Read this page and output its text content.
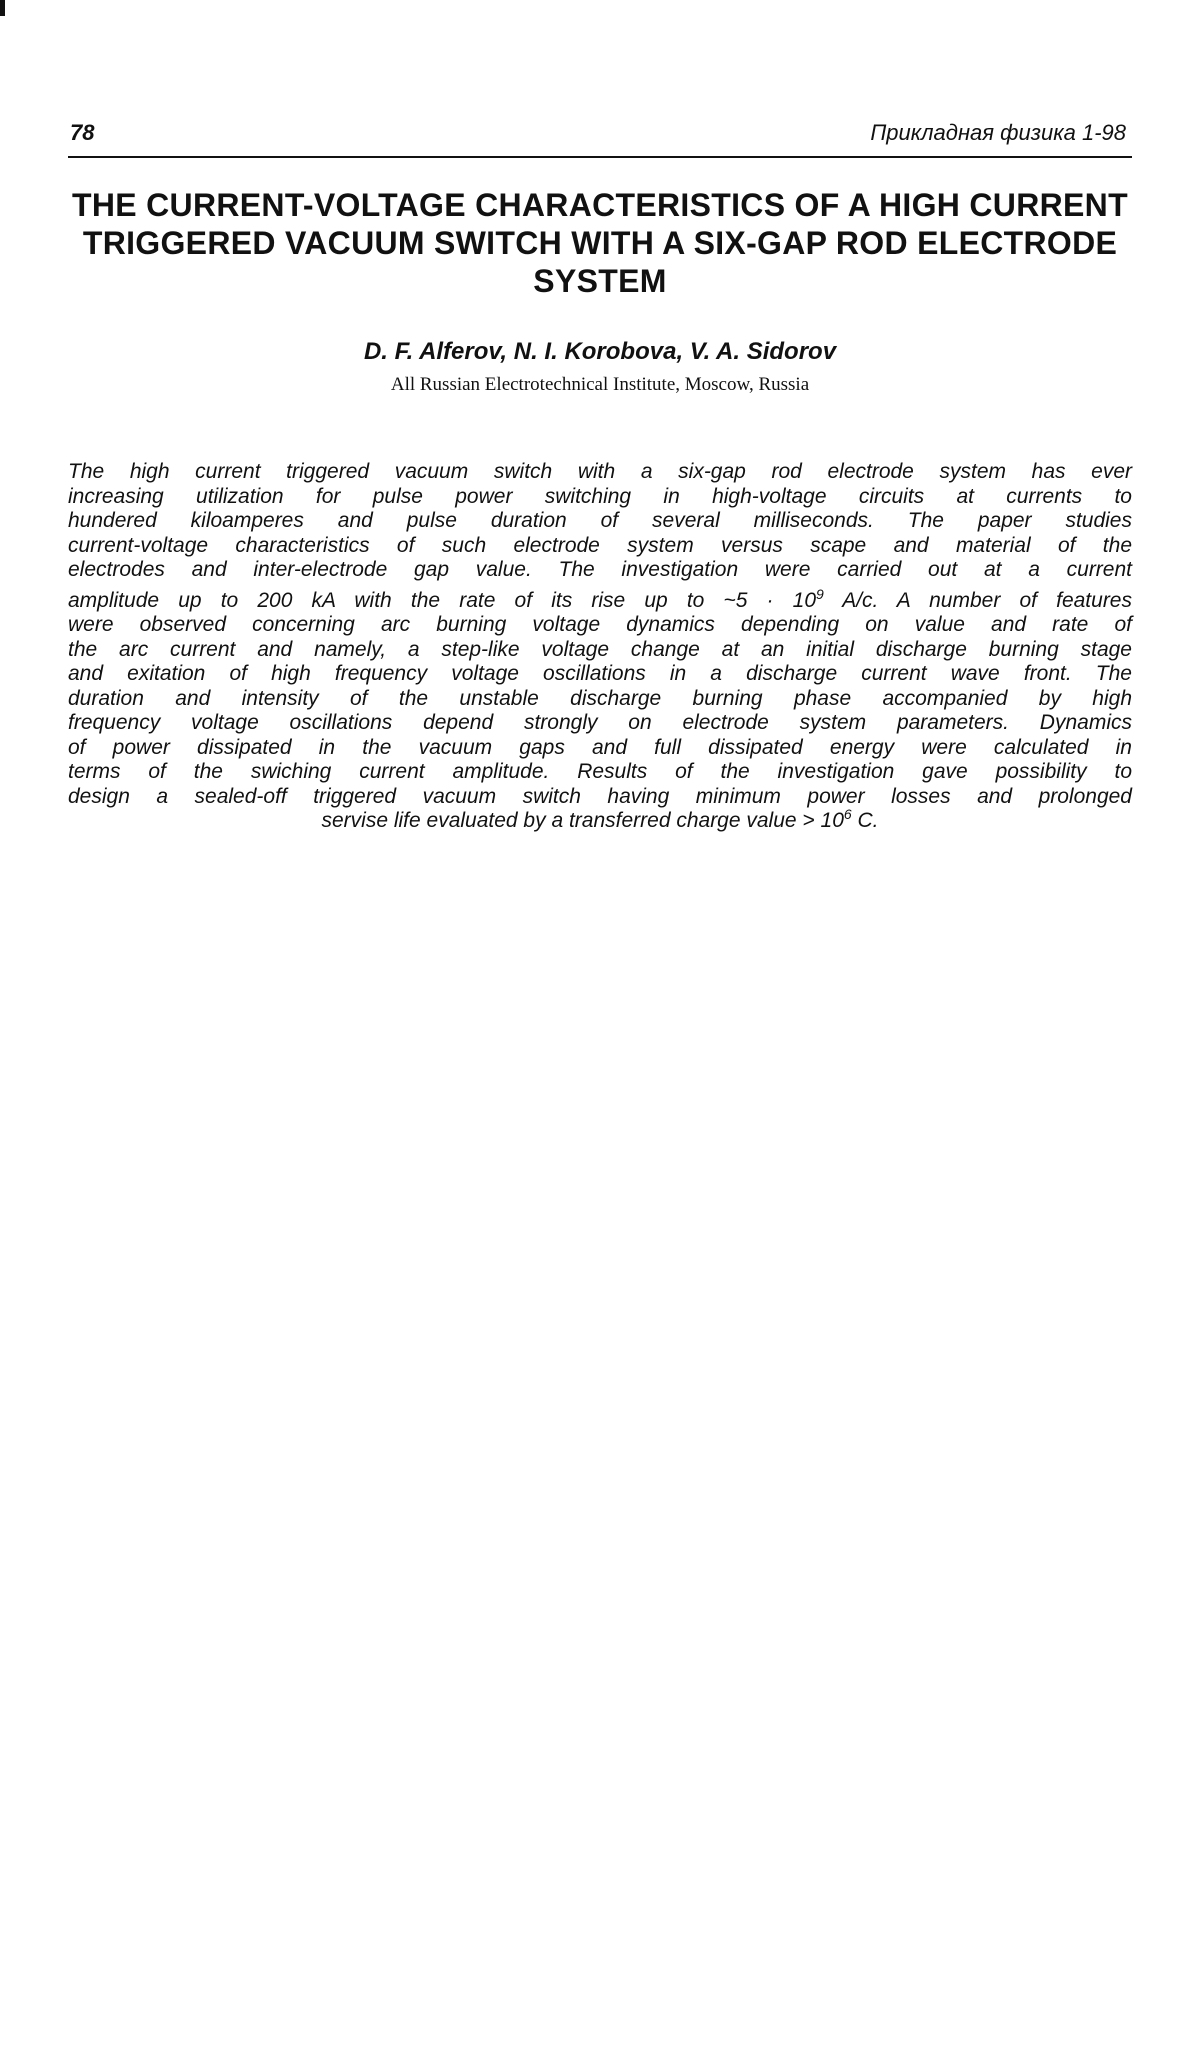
78	Прикладная физика 1-98
THE CURRENT-VOLTAGE CHARACTERISTICS OF A HIGH CURRENT TRIGGERED VACUUM SWITCH WITH A SIX-GAP ROD ELECTRODE SYSTEM
D. F. Alferov, N. I. Korobova, V. A. Sidorov
All Russian Electrotechnical Institute, Moscow, Russia
The high current triggered vacuum switch with a six-gap rod electrode system has ever
increasing utilization for pulse power switching in high-voltage circuits at currents to
hundered kiloamperes and pulse duration of several milliseconds. The paper studies
current-voltage characteristics of such electrode system versus scape and material of the
electrodes and inter-electrode gap value. The investigation were carried out at a current
amplitude up to 200 kA with the rate of its rise up to ~5 · $10^9$ A/c. A number of features
were observed concerning arc burning voltage dynamics depending on value and rate of
the arc current and namely, a step-like voltage change at an initial discharge burning stage
and exitation of high frequency voltage oscillations in a discharge current wave front. The
duration and intensity of the unstable discharge burning phase accompanied by high
frequency voltage oscillations depend strongly on electrode system parameters. Dynamics
of power dissipated in the vacuum gaps and full dissipated energy were calculated in
terms of the swiching current amplitude. Results of the investigation gave possibility to
design a sealed-off triggered vacuum switch having minimum power losses and prolonged
servise life evaluated by a transferred charge value > $10^6$ C.
